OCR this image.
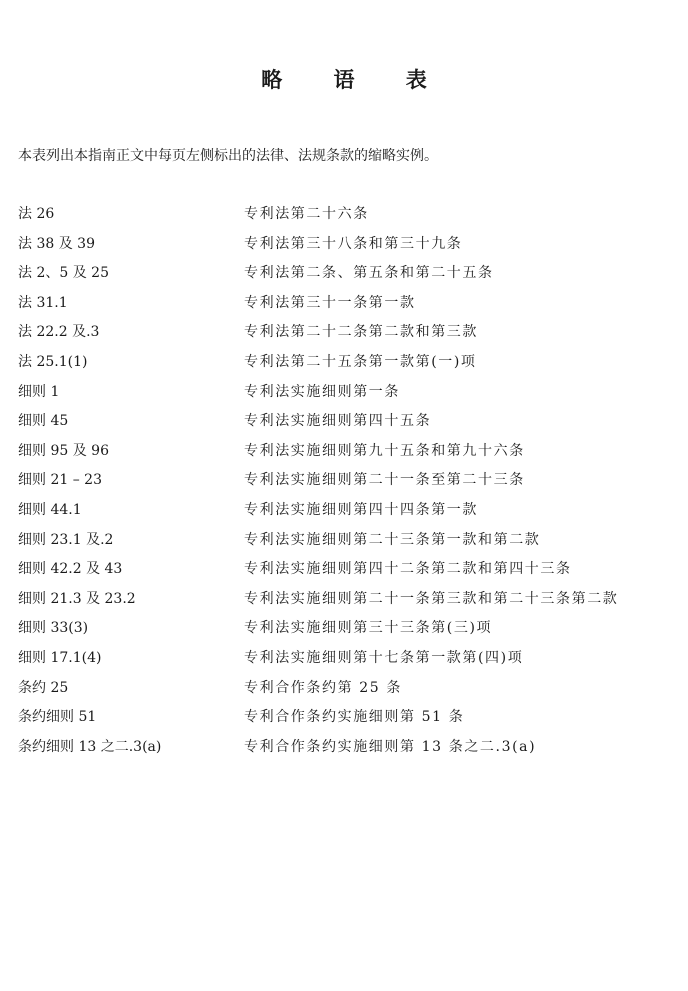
略 语 表
本表列出本指南正文中每页左侧标出的法律、法规条款的缩略实例。
法 26	专利法第二十六条
法 38 及 39	专利法第三十八条和第三十九条
法 2、5 及 25	专利法第二条、第五条和第二十五条
法 31.1	专利法第三十一条第一款
法 22.2 及.3	专利法第二十二条第二款和第三款
法 25.1(1)	专利法第二十五条第一款第(一)项
细则 1	专利法实施细则第一条
细则 45	专利法实施细则第四十五条
细则 95 及 96	专利法实施细则第九十五条和第九十六条
细则 21 – 23	专利法实施细则第二十一条至第二十三条
细则 44.1	专利法实施细则第四十四条第一款
细则 23.1 及.2	专利法实施细则第二十三条第一款和第二款
细则 42.2 及 43	专利法实施细则第四十二条第二款和第四十三条
细则 21.3 及 23.2	专利法实施细则第二十一条第三款和第二十三条第二款
细则 33(3)	专利法实施细则第三十三条第(三)项
细则 17.1(4)	专利法实施细则第十七条第一款第(四)项
条约 25	专利合作条约第 25 条
条约细则 51	专利合作条约实施细则第 51 条
条约细则 13 之二.3(a)	专利合作条约实施细则第 13 条之二.3(a)
